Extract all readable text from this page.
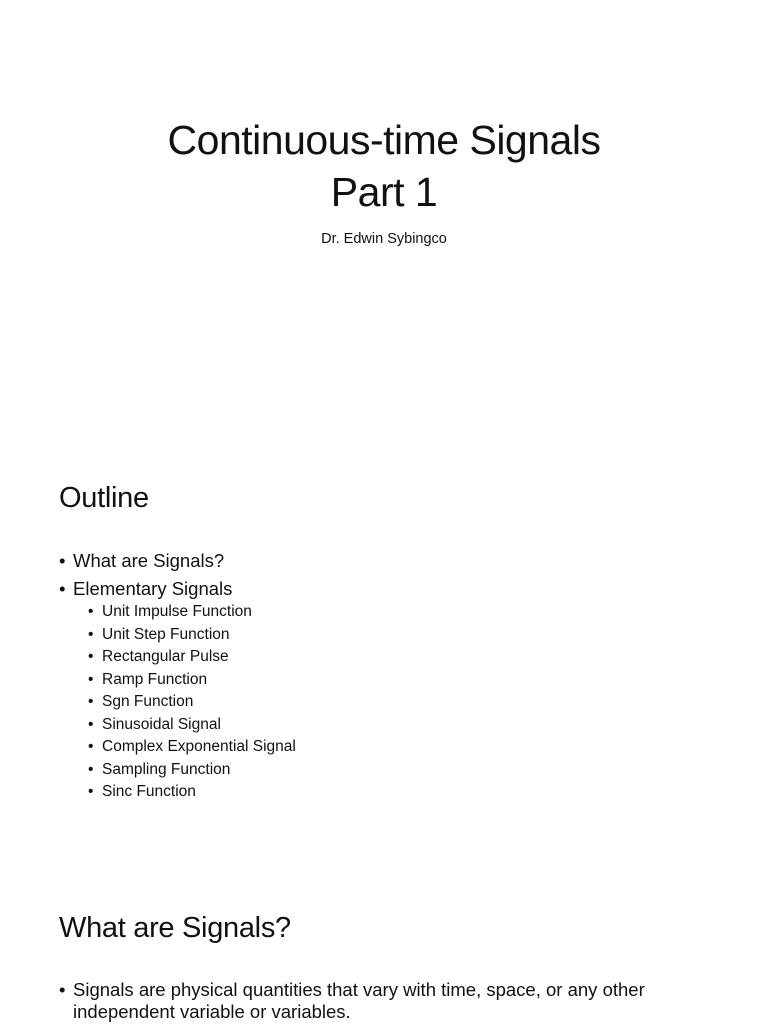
Continuous-time Signals
Part 1

Dr. Edwin Sybingco

Outline
• What are Signals?
• Elementary Signals
• Unit Impulse Function
• Unit Step Function
• Rectangular Pulse
• Ramp Function
• Sgn Function
• Sinusoidal Signal
• Complex Exponential Signal
• Sampling Function
• Sinc Function
What are Signals?
• Signals are physical quantities that vary with time, space, or any other independent variable or variables.
